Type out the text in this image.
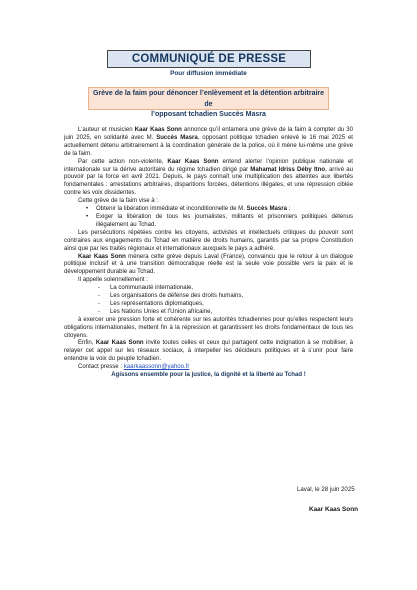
COMMUNIQUÉ DE PRESSE
Pour diffusion immédiate
Grève de la faim pour dénoncer l’enlèvement et la détention arbitraire de
l’opposant tchadien Succès Masra

L’auteur et musicien Kaar Kaas Sonn annonce qu’il entamera une grève de la faim à compter du 30 juin 2025, en solidarité avec M. Succès Masra, opposant politique tchadien enlevé le 16 mai 2025 et actuellement détenu arbitrairement à la coordination générale de la police, où il mène lui-même une grève de la faim.

Par cette action non-violente, Kaar Kaas Sonn entend alerter l’opinion publique nationale et internationale sur la dérive autoritaire du régime tchadien dirigé par Mahamat Idriss Déby Itno, arrivé au pouvoir par la force en avril 2021. Depuis, le pays connaît une multiplication des atteintes aux libertés fondamentales : arrestations arbitraires, disparitions forcées, détentions illégales, et une répression ciblée contre les voix dissidentes.

Cette grève de la faim vise à :

• Obtenir la libération immédiate et inconditionnelle de M. Succès Masra ;
• Exiger la libération de tous les journalistes, militants et prisonniers politiques détenus illégalement au Tchad.

Les persécutions répétées contre les citoyens, activistes et intellectuels critiques du pouvoir sont contraires aux engagements du Tchad en matière de droits humains, garantis par sa propre Constitution ainsi que par les traités régionaux et internationaux auxquels le pays a adhéré.

Kaar Kaas Sonn mènera cette grève depuis Laval (France), convaincu que le retour à un dialogue politique inclusif et à une transition démocratique réelle est la seule voie possible vers la paix et le développement durable au Tchad.

Il appelle solennellement :

- La communauté internationale,
- Les organisations de défense des droits humains,
- Les représentations diplomatiques,
- Les Nations Unies et l’Union africaine,

à exercer une pression forte et cohérente sur les autorités tchadiennes pour qu’elles respectent leurs obligations internationales, mettent fin à la répression et garantissent les droits fondamentaux de tous les citoyens.

Enfin, Kaar Kaas Sonn invite toutes celles et ceux qui partagent cette indignation à se mobiliser, à relayer cet appel sur les réseaux sociaux, à interpeller les décideurs politiques et à s’unir pour faire entendre la voix du peuple tchadien.

Contact presse : kaarkaassonn@yahoo.fr

Agissons ensemble pour la justice, la dignité et la liberté au Tchad !

Laval, le 28 juin 2025
Kaar Kaas Sonn
